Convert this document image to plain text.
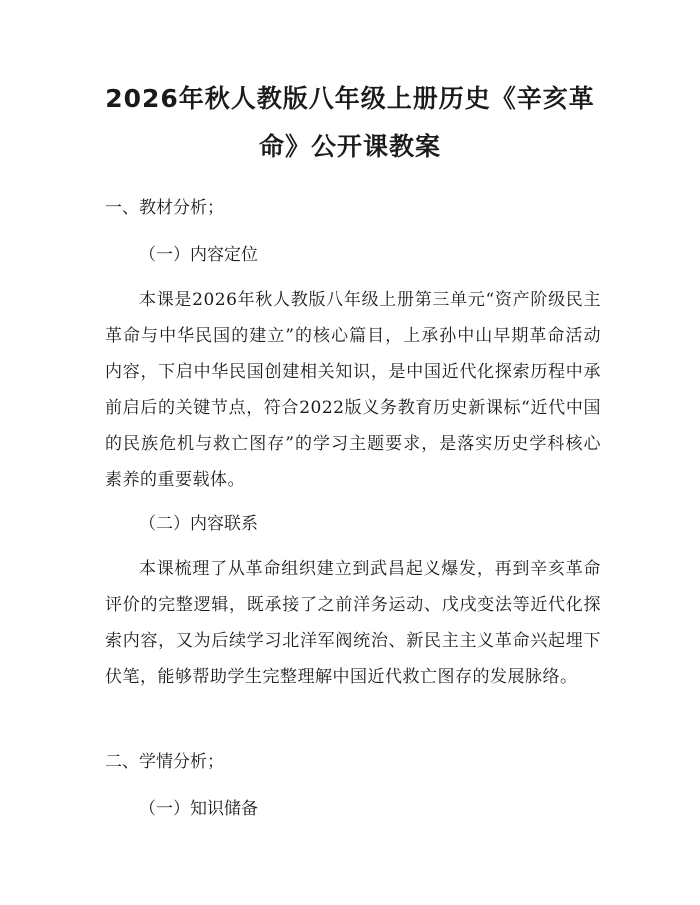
2026年秋人教版八年级上册历史《辛亥革
命》公开课教案
一、教材分析；
（一）内容定位
本课是2026年秋人教版八年级上册第三单元“资产阶级民主革命与中华民国的建立”的核心篇目，上承孙中山早期革命活动内容，下启中华民国创建相关知识，是中国近代化探索历程中承前启后的关键节点，符合2022版义务教育历史新课标“近代中国的民族危机与救亡图存”的学习主题要求，是落实历史学科核心素养的重要载体。
（二）内容联系
本课梳理了从革命组织建立到武昌起义爆发，再到辛亥革命评价的完整逻辑，既承接了之前洋务运动、戊戌变法等近代化探索内容，又为后续学习北洋军阀统治、新民主主义革命兴起埋下伏笔，能够帮助学生完整理解中国近代救亡图存的发展脉络。
二、学情分析；
（一）知识储备
